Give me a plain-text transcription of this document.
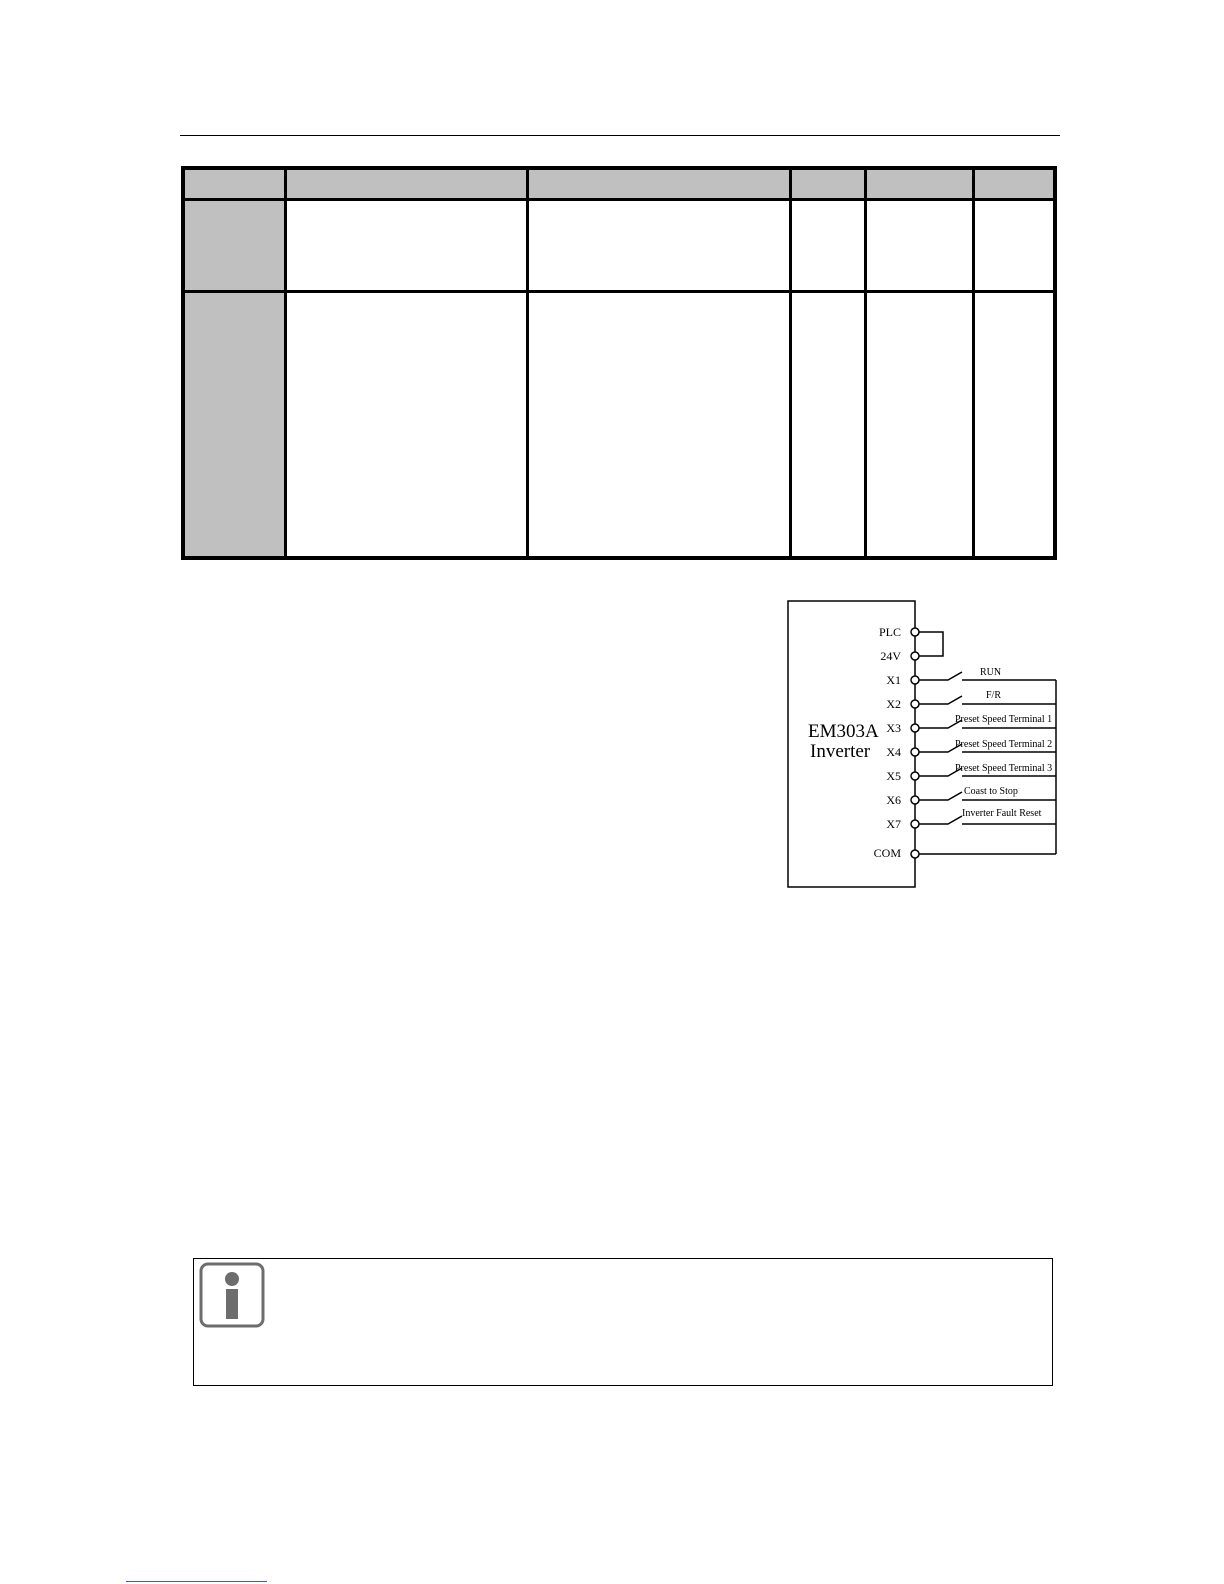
EM303A
Inverter
PLC
24V
X1
X2
X3
X4
X5
X6
X7
COM
RUN
F/R
Preset Speed Terminal 1
Preset Speed Terminal 2
Preset Speed Terminal 3
Coast to Stop
Inverter Fault Reset
